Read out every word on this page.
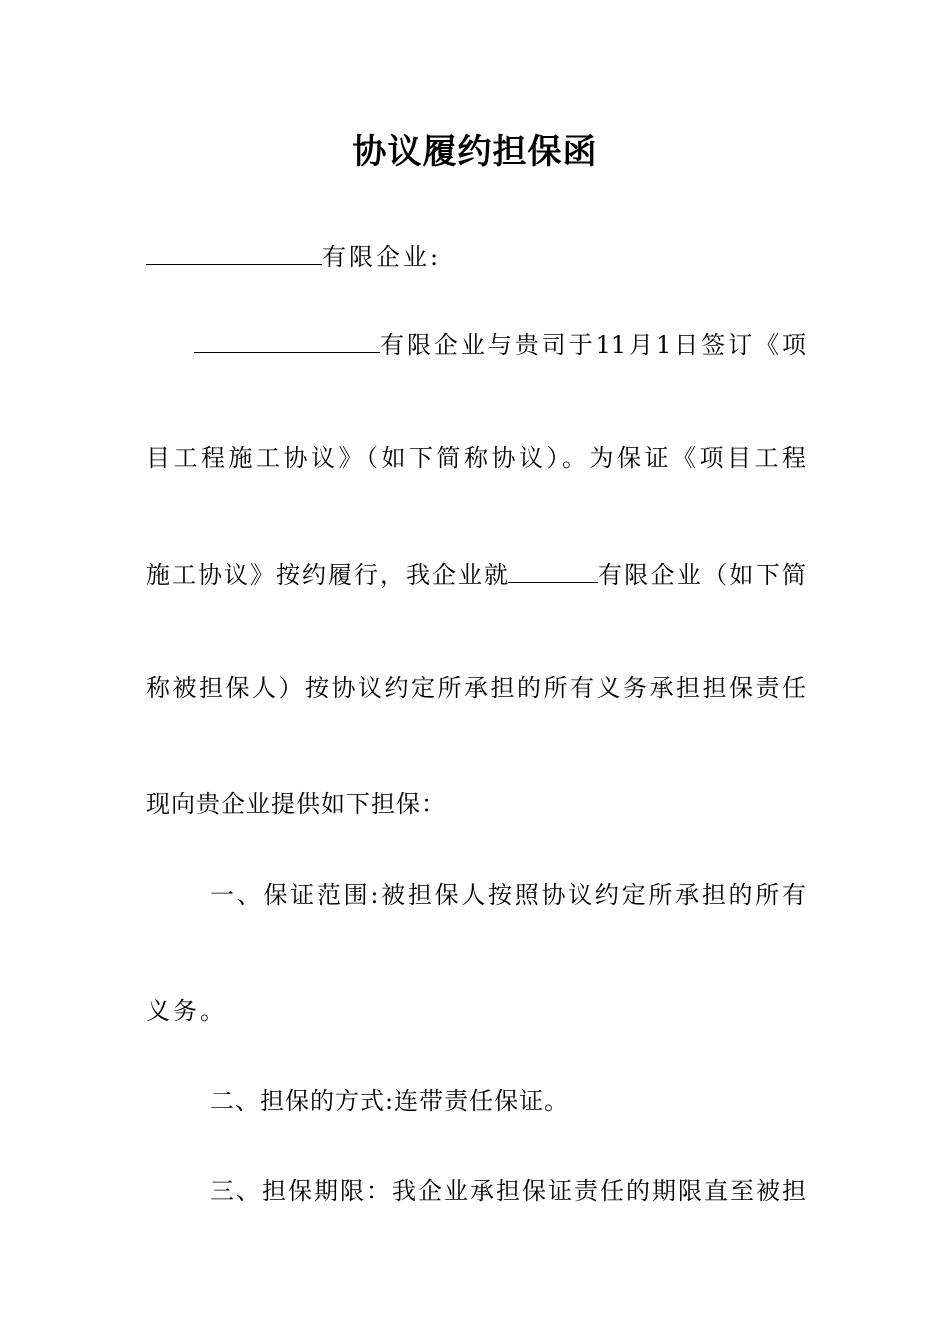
协议履约担保函
有限企业:
有限企业与贵司于11月1日签订《项
目工程施工协议》（如下简称协议）。为保证《项目工程
施工协议》按约履行，我企业就	有限企业（如下简
称被担保人）按协议约定所承担的所有义务承担担保责任
现向贵企业提供如下担保：
一、保证范围:被担保人按照协议约定所承担的所有
义务。
二、担保的方式:连带责任保证。
三、担保期限：我企业承担保证责任的期限直至被担
